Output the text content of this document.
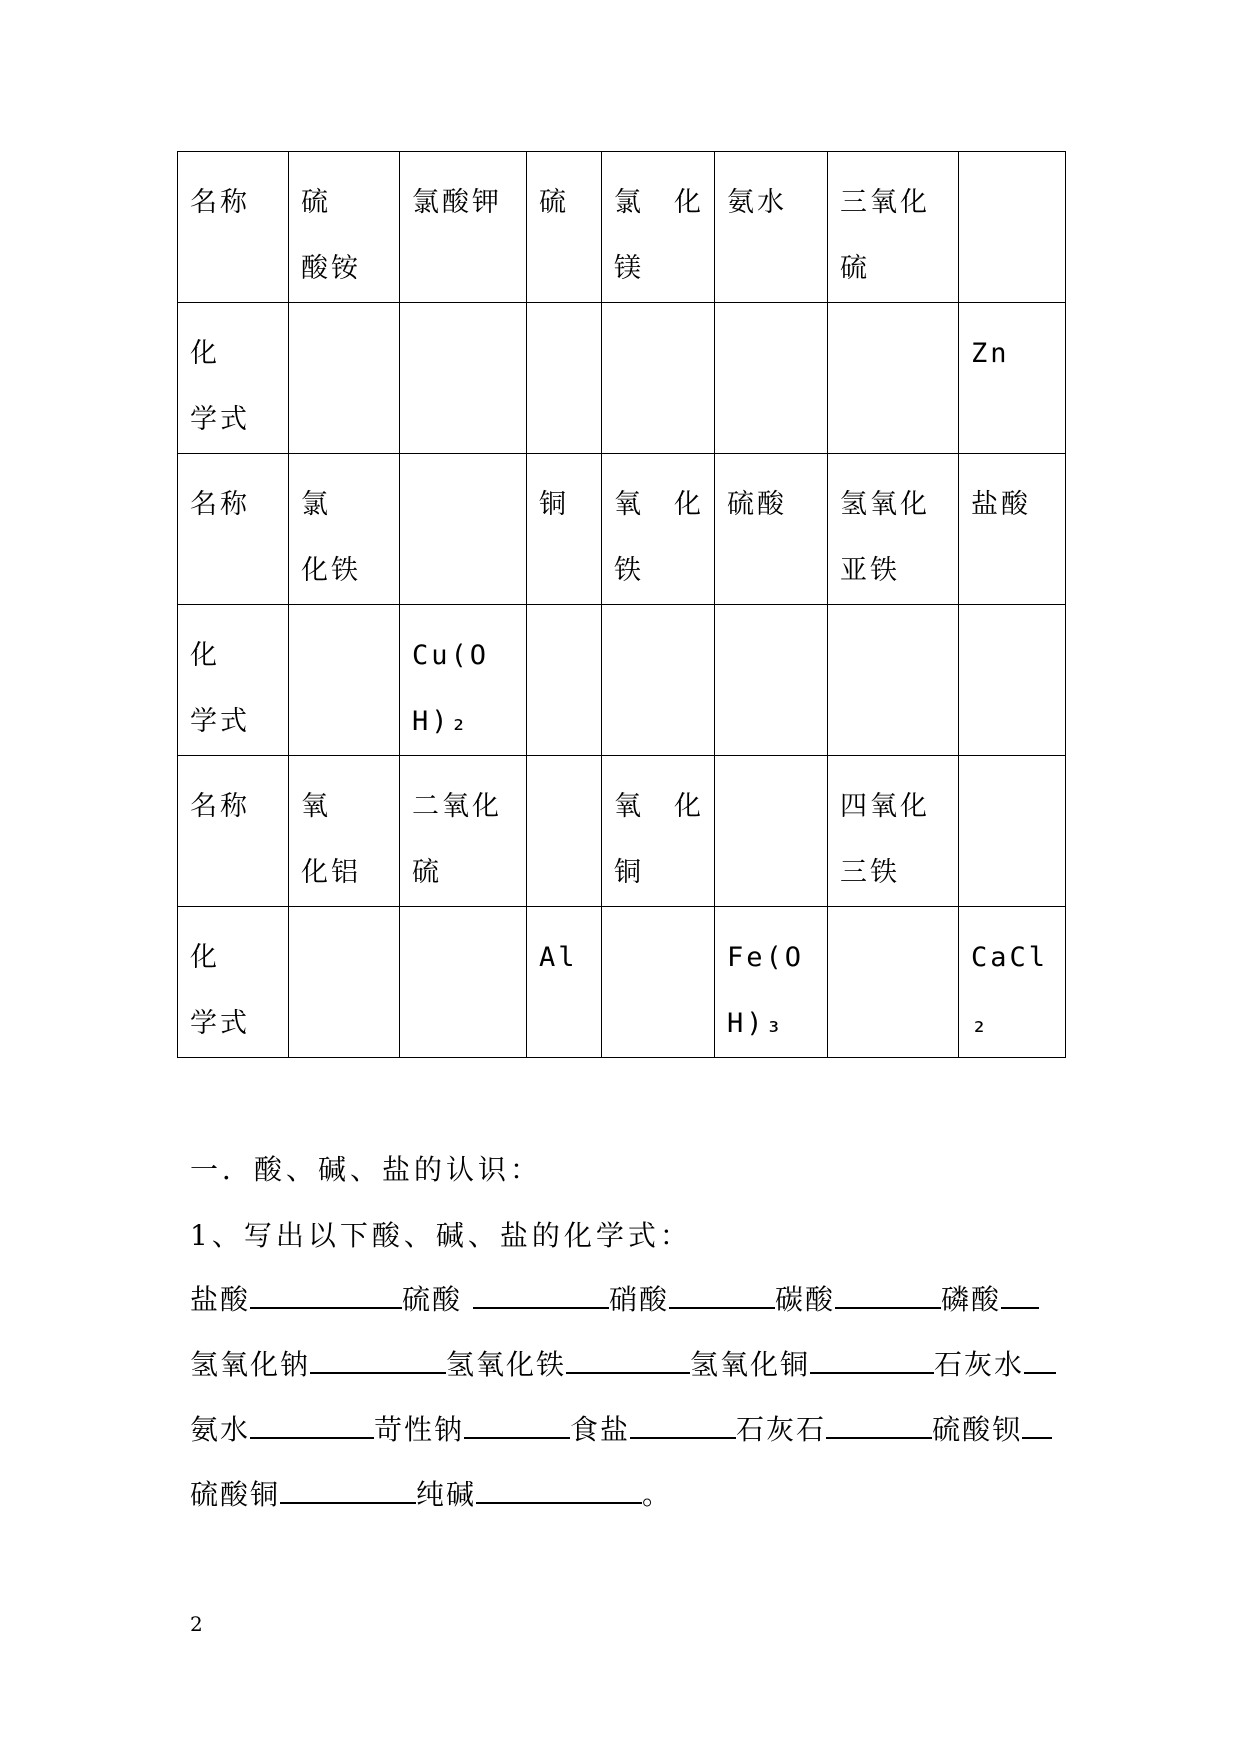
名称	硫　酸铵	氯酸钾	硫	氯　化镁	氨水	三氧化硫	
化　学式							Zn
名称	氯　化铁		铜	氧　化铁	硫酸	氢氧化亚铁	盐酸
化　学式		Cu(OH)₂					
名称	氧　化铝	二氧化硫		氧　化铜		四氧化三铁	
化　学式			Al		Fe(OH)₃		CaCl₂
一．酸、碱、盐的认识：
1、写出以下酸、碱、盐的化学式：
盐酸	硫酸	硝酸	碳酸	磷酸
氢氧化钠	氢氧化铁	氢氧化铜	石灰水
氨水	苛性钠	食盐	石灰石	硫酸钡
硫酸铜	纯碱	。
2
